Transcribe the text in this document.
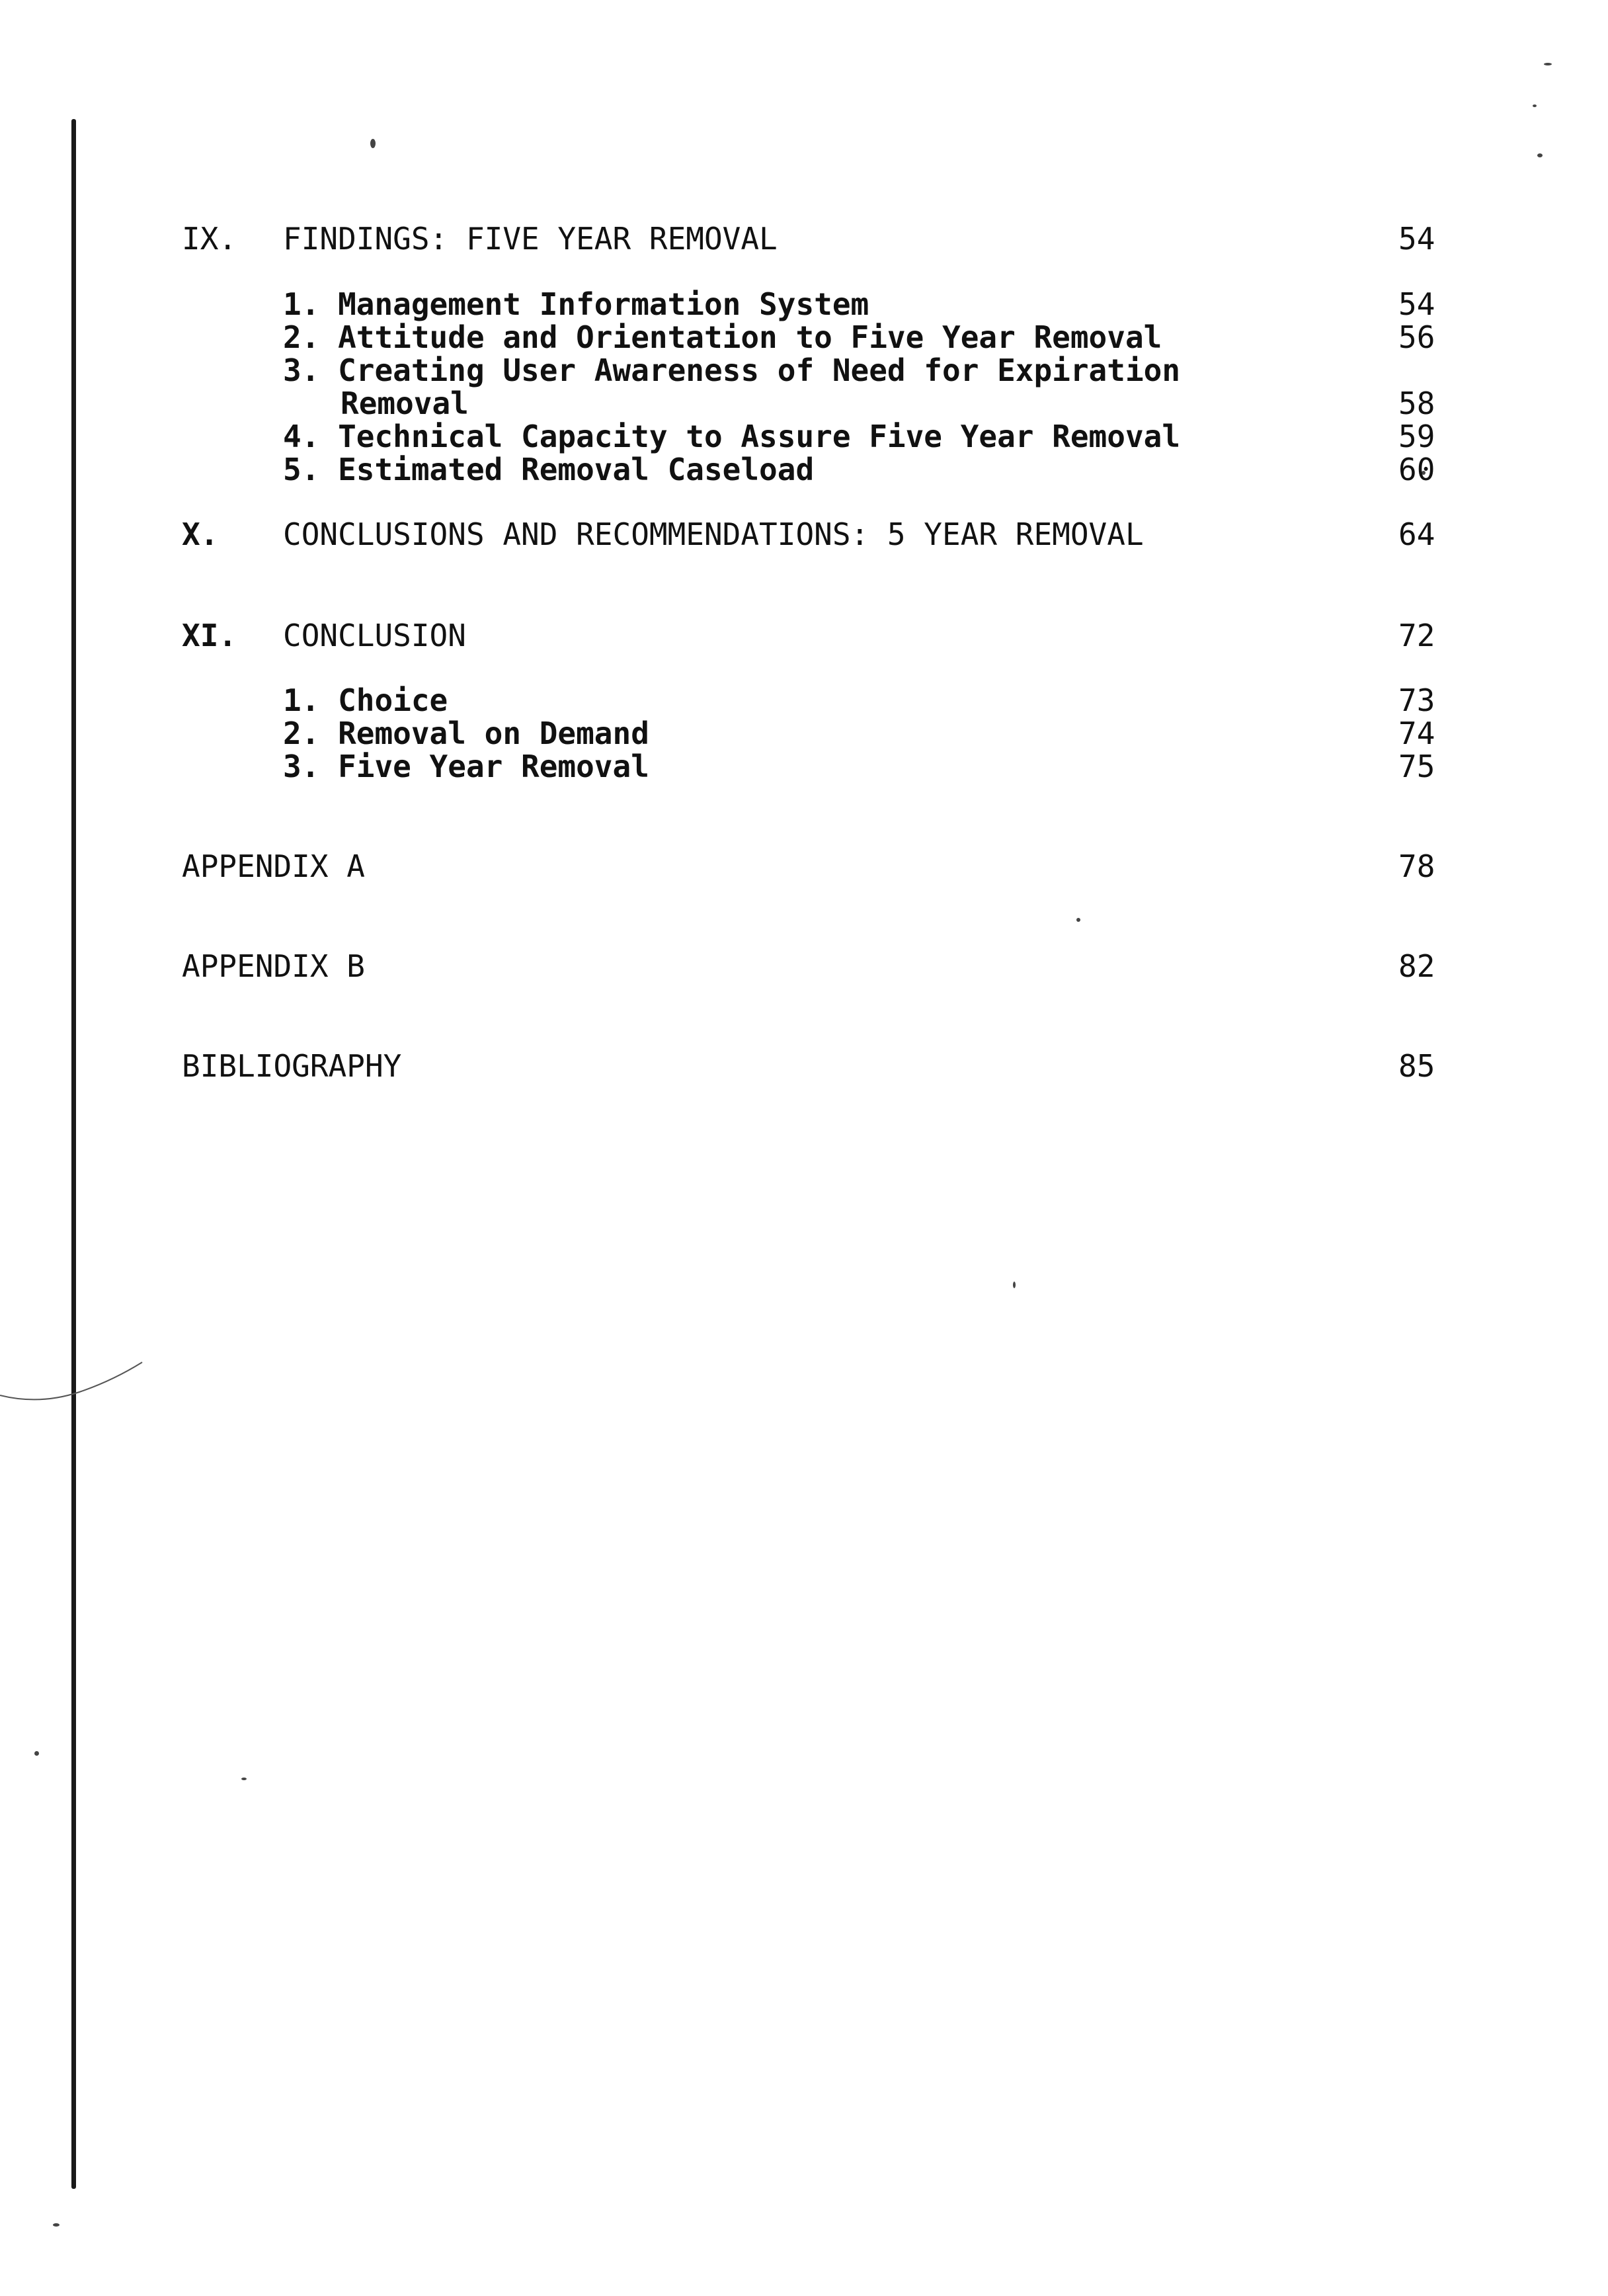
IX. FINDINGS: FIVE YEAR REMOVAL	54
1. Management Information System	54
2. Attitude and Orientation to Five Year Removal	56
3. Creating User Awareness of Need for Expiration
Removal	58
4. Technical Capacity to Assure Five Year Removal	59
5. Estimated Removal Caseload	60
X. CONCLUSIONS AND RECOMMENDATIONS: 5 YEAR REMOVAL	64
XI. CONCLUSION	72
1. Choice	73
2. Removal on Demand	74
3. Five Year Removal	75
APPENDIX A	78
APPENDIX B	82
BIBLIOGRAPHY	85
